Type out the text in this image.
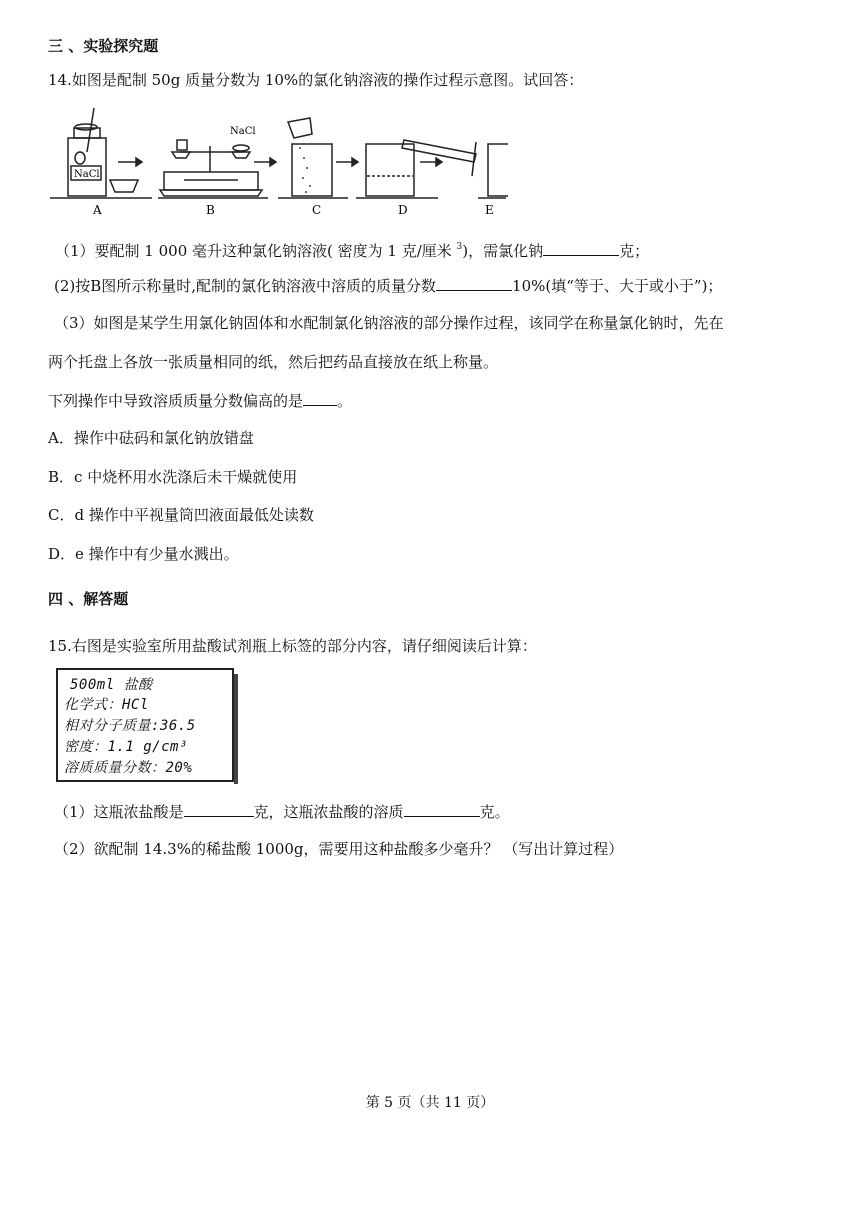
三 、实验探究题
14.如图是配制 50g 质量分数为 10%的氯化钠溶液的操作过程示意图。试回答：
NaCl
NaCl
A	B	C	D	E
（1）要配制 1 000 毫升这种氯化钠溶液( 密度为 1 克/厘米 $^3$)，需氯化钠	克；
(2)按B图所示称量时,配制的氯化钠溶液中溶质的质量分数	10%(填“等于、大于或小于”)；
（3）如图是某学生用氯化钠固体和水配制氯化钠溶液的部分操作过程，该同学在称量氯化钠时，先在
两个托盘上各放一张质量相同的纸，然后把药品直接放在纸上称量。
下列操作中导致溶质质量分数偏高的是 。
A．操作中砝码和氯化钠放错盘
B．c 中烧杯用水洗涤后未干燥就使用
C．d 操作中平视量筒凹液面最低处读数
D．e 操作中有少量水溅出。
四 、解答题
15.右图是实验室所用盐酸试剂瓶上标签的部分内容，请仔细阅读后计算：
500ml 盐酸
化学式：HCl
相对分子质量:36.5
密度：1.1 g/cm³
溶质质量分数：20%
（1）这瓶浓盐酸是	克，这瓶浓盐酸的溶质	克。
（2）欲配制 14.3%的稀盐酸 1000g，需要用这种盐酸多少毫升？ （写出计算过程）
第 5 页（共 11 页）
